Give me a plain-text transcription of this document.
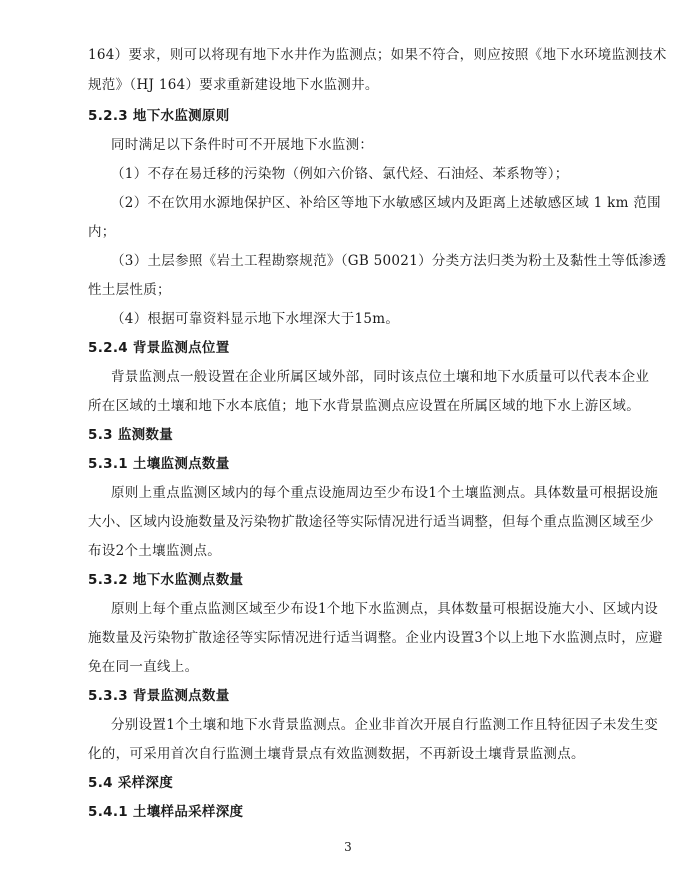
164）要求，则可以将现有地下水井作为监测点；如果不符合，则应按照《地下水环境监测技术
规范》（HJ 164）要求重新建设地下水监测井。
5.2.3 地下水监测原则
同时满足以下条件时可不开展地下水监测：
（1）不存在易迁移的污染物（例如六价铬、氯代烃、石油烃、苯系物等）；
（2）不在饮用水源地保护区、补给区等地下水敏感区域内及距离上述敏感区域 1 km 范围
内；
（3）土层参照《岩土工程勘察规范》（GB 50021）分类方法归类为粉土及黏性土等低渗透
性土层性质；
（4）根据可靠资料显示地下水埋深大于15m。
5.2.4 背景监测点位置
背景监测点一般设置在企业所属区域外部，同时该点位土壤和地下水质量可以代表本企业
所在区域的土壤和地下水本底值；地下水背景监测点应设置在所属区域的地下水上游区域。
5.3 监测数量
5.3.1 土壤监测点数量
原则上重点监测区域内的每个重点设施周边至少布设1个土壤监测点。具体数量可根据设施
大小、区域内设施数量及污染物扩散途径等实际情况进行适当调整，但每个重点监测区域至少
布设2个土壤监测点。
5.3.2 地下水监测点数量
原则上每个重点监测区域至少布设1个地下水监测点，具体数量可根据设施大小、区域内设
施数量及污染物扩散途径等实际情况进行适当调整。企业内设置3个以上地下水监测点时，应避
免在同一直线上。
5.3.3 背景监测点数量
分别设置1个土壤和地下水背景监测点。企业非首次开展自行监测工作且特征因子未发生变
化的，可采用首次自行监测土壤背景点有效监测数据，不再新设土壤背景监测点。
5.4 采样深度
5.4.1 土壤样品采样深度
3
